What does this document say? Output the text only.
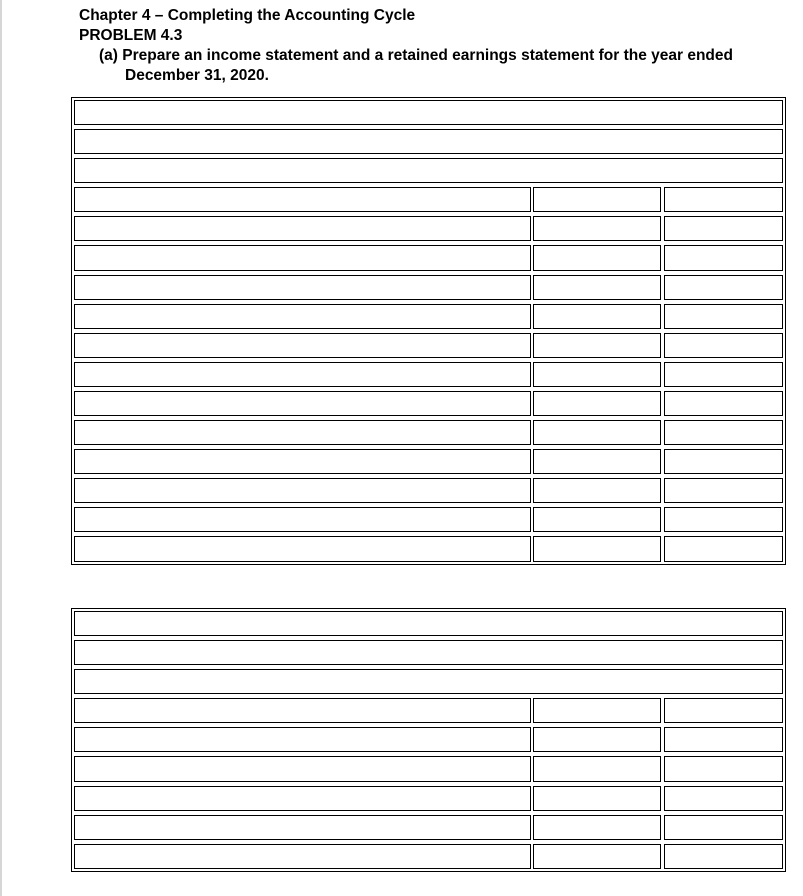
Chapter 4 – Completing the Accounting Cycle
PROBLEM 4.3
(a) Prepare an income statement and a retained earnings statement for the year ended
December 31, 2020.
